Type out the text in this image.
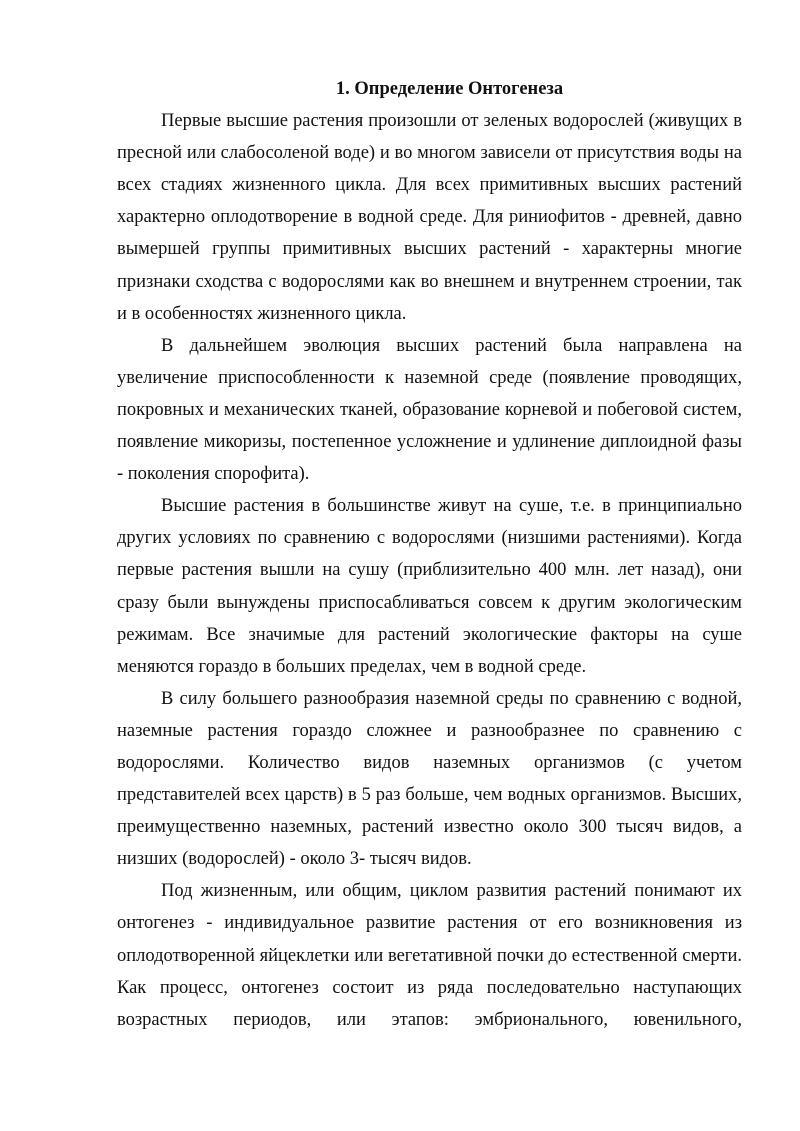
1. Определение Онтогенеза

Первые высшие растения произошли от зеленых водорослей (живущих в пресной или слабосоленой воде) и во многом зависели от присутствия воды на всех стадиях жизненного цикла. Для всех примитивных высших растений характерно оплодотворение в водной среде. Для риниофитов - древней, давно вымершей группы примитивных высших растений - характерны многие признаки сходства с водорослями как во внешнем и внутреннем строении, так и в особенностях жизненного цикла.

В дальнейшем эволюция высших растений была направлена на увеличение приспособленности к наземной среде (появление проводящих, покровных и механических тканей, образование корневой и побеговой систем, появление микоризы, постепенное усложнение и удлинение диплоидной фазы - поколения спорофита).

Высшие растения в большинстве живут на суше, т.е. в принципиально других условиях по сравнению с водорослями (низшими растениями). Когда первые растения вышли на сушу (приблизительно 400 млн. лет назад), они сразу были вынуждены приспосабливаться совсем к другим экологическим режимам. Все значимые для растений экологические факторы на суше меняются гораздо в больших пределах, чем в водной среде.

В силу большего разнообразия наземной среды по сравнению с водной, наземные растения гораздо сложнее и разнообразнее по сравнению с водорослями. Количество видов наземных организмов (с учетом представителей всех царств) в 5 раз больше, чем водных организмов. Высших, преимущественно наземных, растений известно около 300 тысяч видов, а низших (водорослей) - около 3- тысяч видов.

Под жизненным, или общим, циклом развития растений понимают их онтогенез - индивидуальное развитие растения от его возникновения из оплодотворенной яйцеклетки или вегетативной почки до естественной смерти. Как процесс, онтогенез состоит из ряда последовательно наступающих возрастных периодов, или этапов: эмбрионального, ювенильного,
